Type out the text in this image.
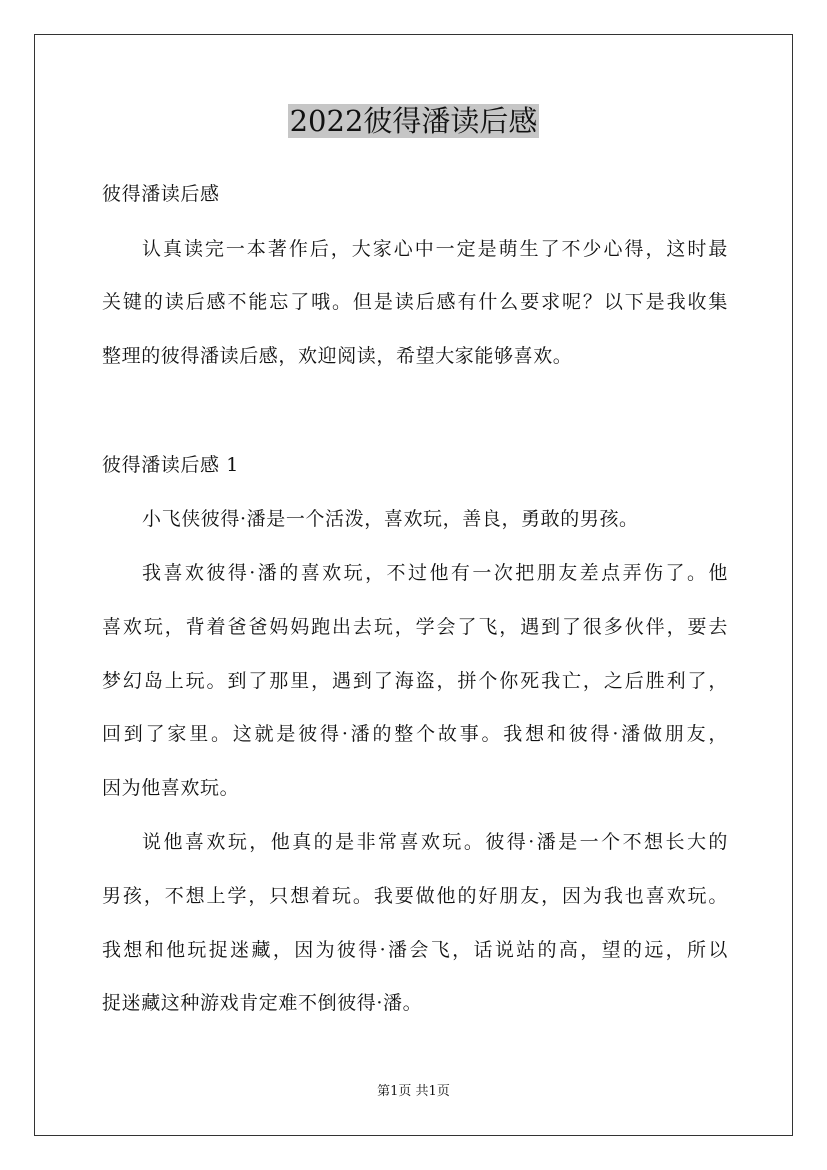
2022彼得潘读后感
彼得潘读后感
认真读完一本著作后，大家心中一定是萌生了不少心得，这时最
关键的读后感不能忘了哦。但是读后感有什么要求呢？以下是我收集
整理的彼得潘读后感，欢迎阅读，希望大家能够喜欢。
彼得潘读后感 1
小飞侠彼得·潘是一个活泼，喜欢玩，善良，勇敢的男孩。
我喜欢彼得·潘的喜欢玩，不过他有一次把朋友差点弄伤了。他
喜欢玩，背着爸爸妈妈跑出去玩，学会了飞，遇到了很多伙伴，要去
梦幻岛上玩。到了那里，遇到了海盗，拼个你死我亡，之后胜利了，
回到了家里。这就是彼得·潘的整个故事。我想和彼得·潘做朋友，
因为他喜欢玩。
说他喜欢玩，他真的是非常喜欢玩。彼得·潘是一个不想长大的
男孩，不想上学，只想着玩。我要做他的好朋友，因为我也喜欢玩。
我想和他玩捉迷藏，因为彼得·潘会飞，话说站的高，望的远，所以
捉迷藏这种游戏肯定难不倒彼得·潘。
第1页 共1页
